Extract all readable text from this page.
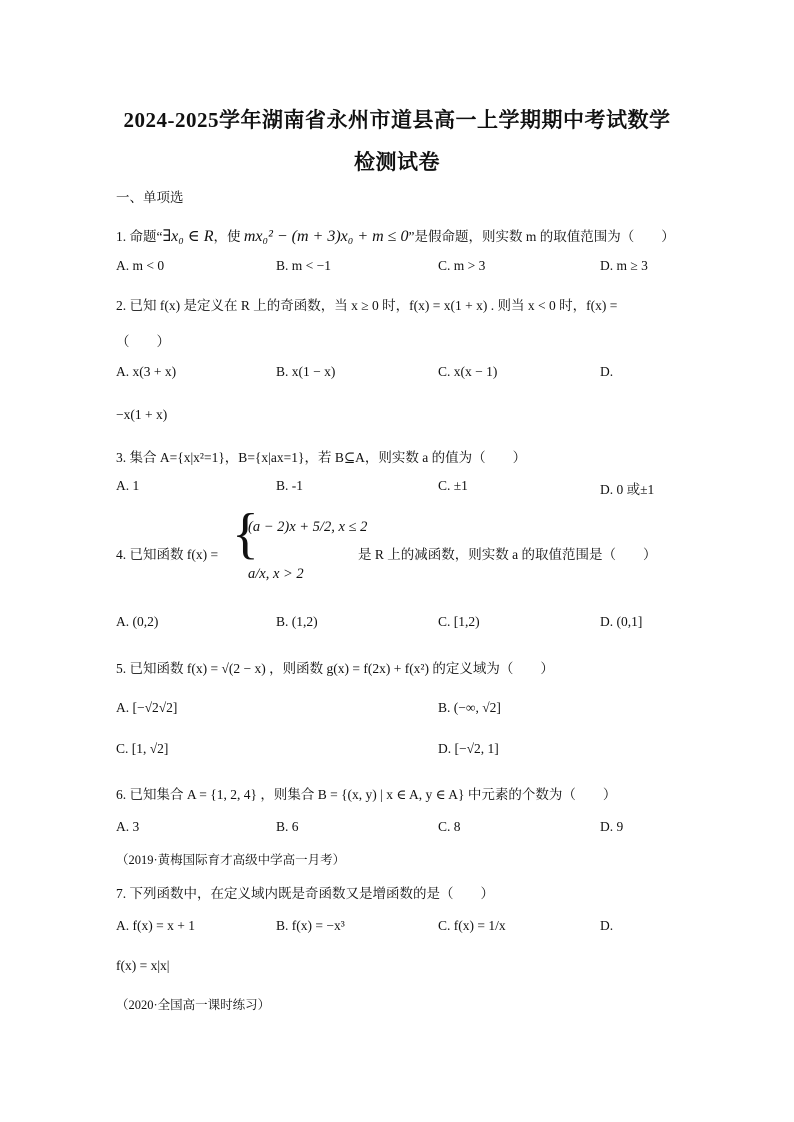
2024-2025学年湖南省永州市道县高一上学期期中考试数学
检测试卷
一、单项选
1. 命题“∃x₀ ∈ R，使 mx₀² − (m + 3)x₀ + m ≤ 0”是假命题，则实数 m 的取值范围为（　　）
A. m < 0	B. m < −1	C. m > 3	D. m ≥ 3
2. 已知 f(x) 是定义在 R 上的奇函数，当 x ≥ 0 时，f(x) = x(1 + x) . 则当 x < 0 时，f(x) =
（　　）
A. x(3 + x)	B. x(1 − x)	C. x(x − 1)	D.
−x(1 + x)
3. 集合 A={x|x²=1}，B={x|ax=1}，若 B⊆A，则实数 a 的值为（　　）
A. 1	B. -1	C. ±1	D. 0 或±1
4. 已知函数 f(x) = {
(a − 2)x + 5/2, x ≤ 2
a/x, x > 2
是 R 上的减函数，则实数 a 的取值范围是（　　）
A. (0,2)	B. (1,2)	C. [1,2)	D. (0,1]
5. 已知函数 f(x) = √(2 − x) ，则函数 g(x) = f(2x) + f(x²) 的定义域为（　　）
A. [−√2√2]	B. (−∞, √2]
C. [1, √2]	D. [−√2, 1]
6. 已知集合 A = {1, 2, 4} ，则集合 B = {(x, y) | x ∈ A, y ∈ A} 中元素的个数为（　　）
A. 3	B. 6	C. 8	D. 9
（2019·黄梅国际育才高级中学高一月考）
7. 下列函数中，在定义域内既是奇函数又是增函数的是（　　）
A. f(x) = x + 1	B. f(x) = −x³	C. f(x) = 1/x	D.
f(x) = x|x|
（2020·全国高一课时练习）
